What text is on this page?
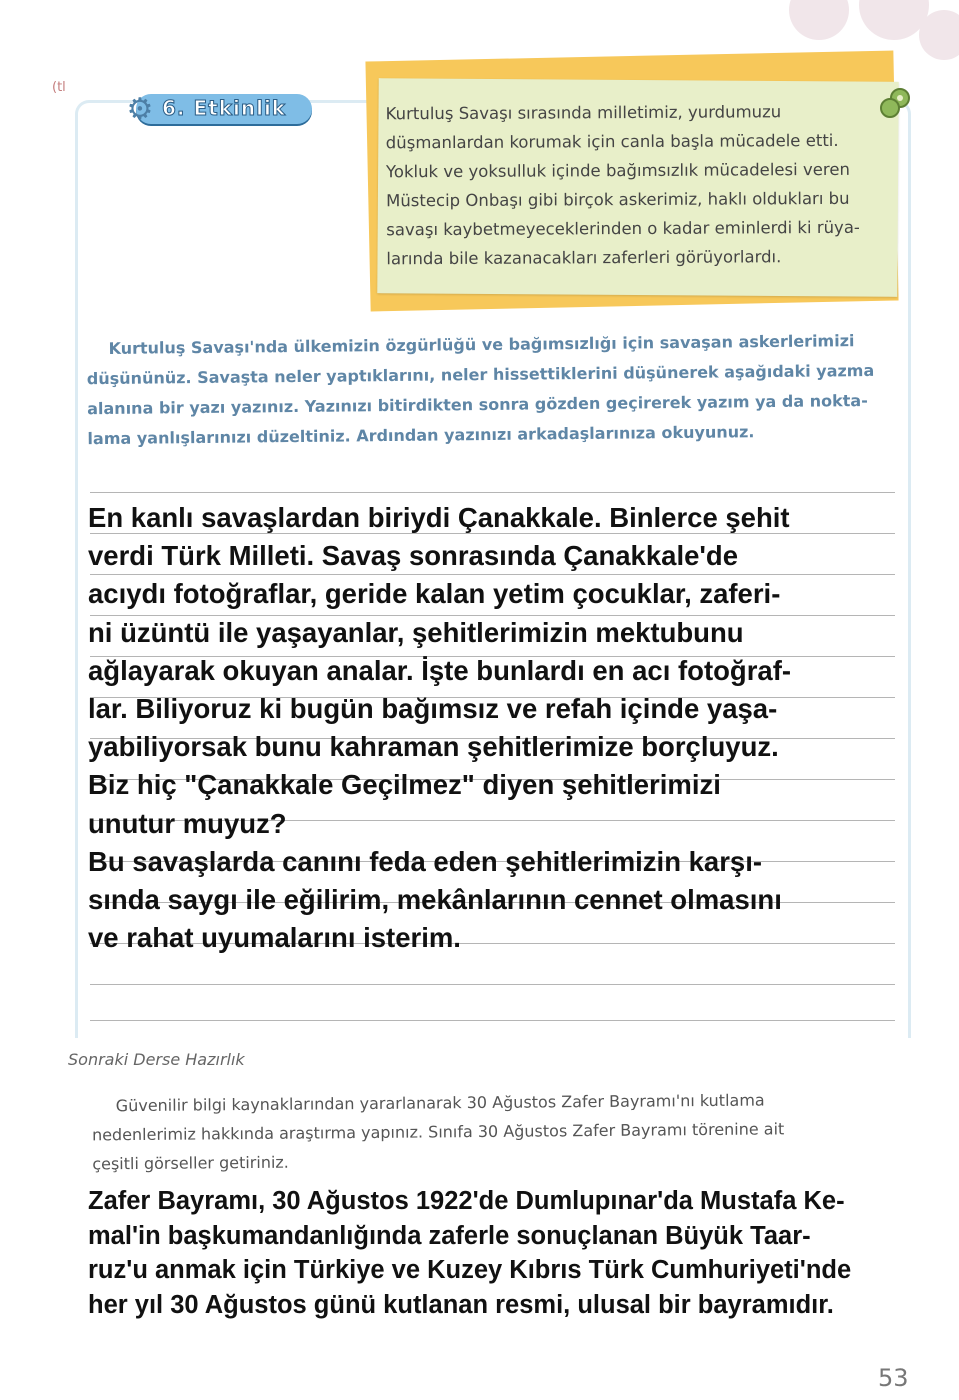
(tl
⚙ 6. Etkinlik	Kurtuluş Savaşı sırasında milletimiz, yurdumuzu
düşmanlardan korumak için canla başla mücadele etti.
Yokluk ve yoksulluk içinde bağımsızlık mücadelesi veren
Müstecip Onbaşı gibi birçok askerimiz, haklı oldukları bu
savaşı kaybetmeyeceklerinden o kadar eminlerdi ki rüya-
larında bile kazanacakları zaferleri görüyorlardı.
Kurtuluş Savaşı'nda ülkemizin özgürlüğü ve bağımsızlığı için savaşan askerlerimizi
düşününüz. Savaşta neler yaptıklarını, neler hissettiklerini düşünerek aşağıdaki yazma
alanına bir yazı yazınız. Yazınızı bitirdikten sonra gözden geçirerek yazım ya da nokta-
lama yanlışlarınızı düzeltiniz. Ardından yazınızı arkadaşlarınıza okuyunuz.

En kanlı savaşlardan biriydi Çanakkale. Binlerce şehit

verdi Türk Milleti. Savaş sonrasında Çanakkale'de

acıydı fotoğraflar, geride kalan yetim çocuklar, zaferi-

ni üzüntü ile yaşayanlar, şehitlerimizin mektubunu

ağlayarak okuyan analar. İşte bunlardı en acı fotoğraf-

lar. Biliyoruz ki bugün bağımsız ve refah içinde yaşa-

yabiliyorsak bunu kahraman şehitlerimize borçluyuz.

Biz hiç "Çanakkale Geçilmez" diyen şehitlerimizi

unutur muyuz?

Bu savaşlarda canını feda eden şehitlerimizin karşı-

sında saygı ile eğilirim, mekânlarının cennet olmasını

ve rahat uyumalarını isterim.

Sonraki Derse Hazırlık
Güvenilir bilgi kaynaklarından yararlanarak 30 Ağustos Zafer Bayramı'nı kutlama
nedenlerimiz hakkında araştırma yapınız. Sınıfa 30 Ağustos Zafer Bayramı törenine ait
çeşitli görseller getiriniz.
Zafer Bayramı, 30 Ağustos 1922'de Dumlupınar'da Mustafa Ke-
mal'in başkumandanlığında zaferle sonuçlanan Büyük Taar-
ruz'u anmak için Türkiye ve Kuzey Kıbrıs Türk Cumhuriyeti'nde
her yıl 30 Ağustos günü kutlanan resmi, ulusal bir bayramıdır.
53
